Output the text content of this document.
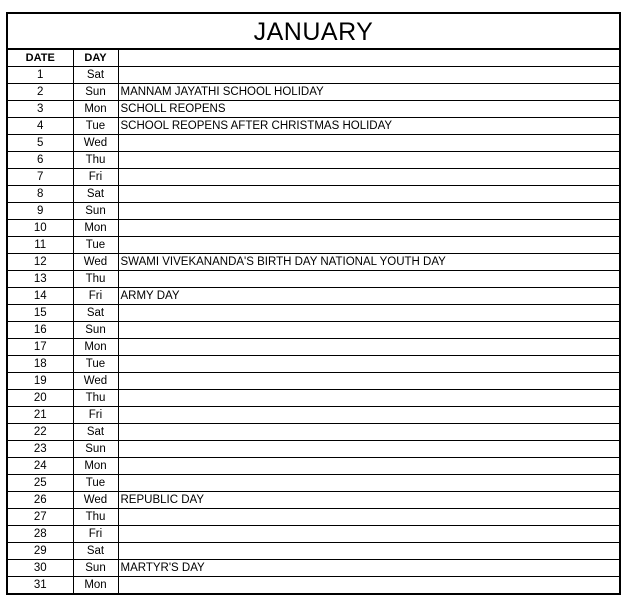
JANUARY
DATE	DAY	
1	Sat	
2	Sun	MANNAM JAYATHI SCHOOL HOLIDAY
3	Mon	SCHOLL REOPENS
4	Tue	SCHOOL REOPENS AFTER CHRISTMAS HOLIDAY
5	Wed	
6	Thu	
7	Fri	
8	Sat	
9	Sun	
10	Mon	
11	Tue	
12	Wed	SWAMI VIVEKANANDA'S BIRTH DAY NATIONAL YOUTH DAY
13	Thu	
14	Fri	ARMY DAY
15	Sat	
16	Sun	
17	Mon	
18	Tue	
19	Wed	
20	Thu	
21	Fri	
22	Sat	
23	Sun	
24	Mon	
25	Tue	
26	Wed	REPUBLIC DAY
27	Thu	
28	Fri	
29	Sat	
30	Sun	MARTYR'S DAY
31	Mon	
